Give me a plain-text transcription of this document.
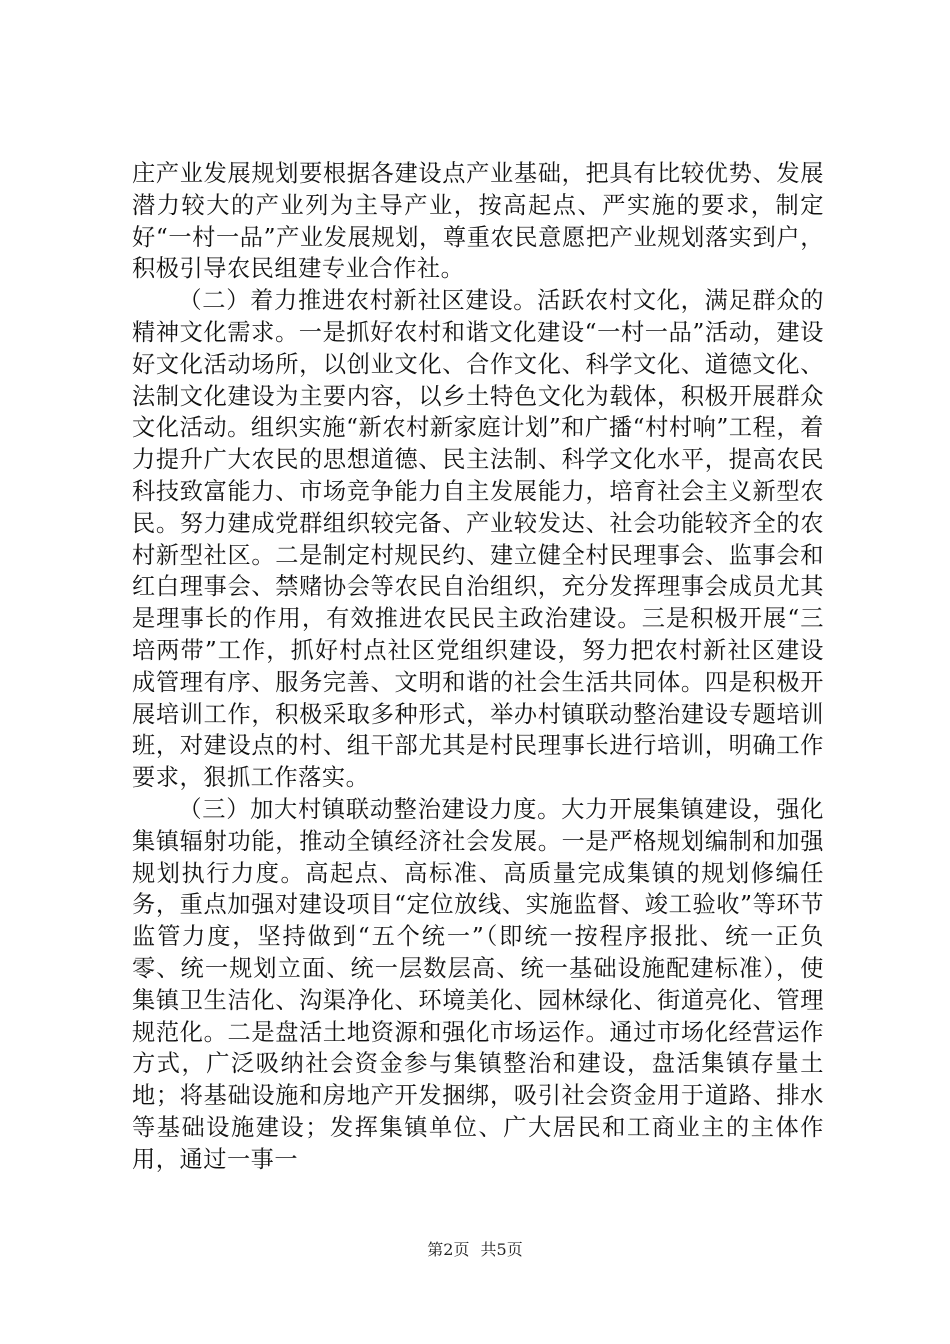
庄产业发展规划要根据各建设点产业基础，把具有比较优势、发展潜力较大的产业列为主导产业，按高起点、严实施的要求，制定好“一村一品”产业发展规划，尊重农民意愿把产业规划落实到户，积极引导农民组建专业合作社。

（二）着力推进农村新社区建设。活跃农村文化，满足群众的精神文化需求。一是抓好农村和谐文化建设“一村一品”活动，建设好文化活动场所，以创业文化、合作文化、科学文化、道德文化、法制文化建设为主要内容，以乡土特色文化为载体，积极开展群众文化活动。组织实施“新农村新家庭计划”和广播“村村响”工程，着力提升广大农民的思想道德、民主法制、科学文化水平，提高农民科技致富能力、市场竞争能力自主发展能力，培育社会主义新型农民。努力建成党群组织较完备、产业较发达、社会功能较齐全的农村新型社区。二是制定村规民约、建立健全村民理事会、监事会和红白理事会、禁赌协会等农民自治组织，充分发挥理事会成员尤其是理事长的作用，有效推进农民民主政治建设。三是积极开展“三培两带”工作，抓好村点社区党组织建设，努力把农村新社区建设成管理有序、服务完善、文明和谐的社会生活共同体。四是积极开展培训工作，积极采取多种形式，举办村镇联动整治建设专题培训班，对建设点的村、组干部尤其是村民理事长进行培训，明确工作要求，狠抓工作落实。

（三）加大村镇联动整治建设力度。大力开展集镇建设，强化集镇辐射功能，推动全镇经济社会发展。一是严格规划编制和加强规划执行力度。高起点、高标准、高质量完成集镇的规划修编任务，重点加强对建设项目“定位放线、实施监督、竣工验收”等环节监管力度，坚持做到“五个统一”（即统一按程序报批、统一正负零、统一规划立面、统一层数层高、统一基础设施配建标准），使集镇卫生洁化、沟渠净化、环境美化、园林绿化、街道亮化、管理规范化。二是盘活土地资源和强化市场运作。通过市场化经营运作方式，广泛吸纳社会资金参与集镇整治和建设，盘活集镇存量土地；将基础设施和房地产开发捆绑，吸引社会资金用于道路、排水等基础设施建设；发挥集镇单位、广大居民和工商业主的主体作用，通过一事一

第2页 共5页
